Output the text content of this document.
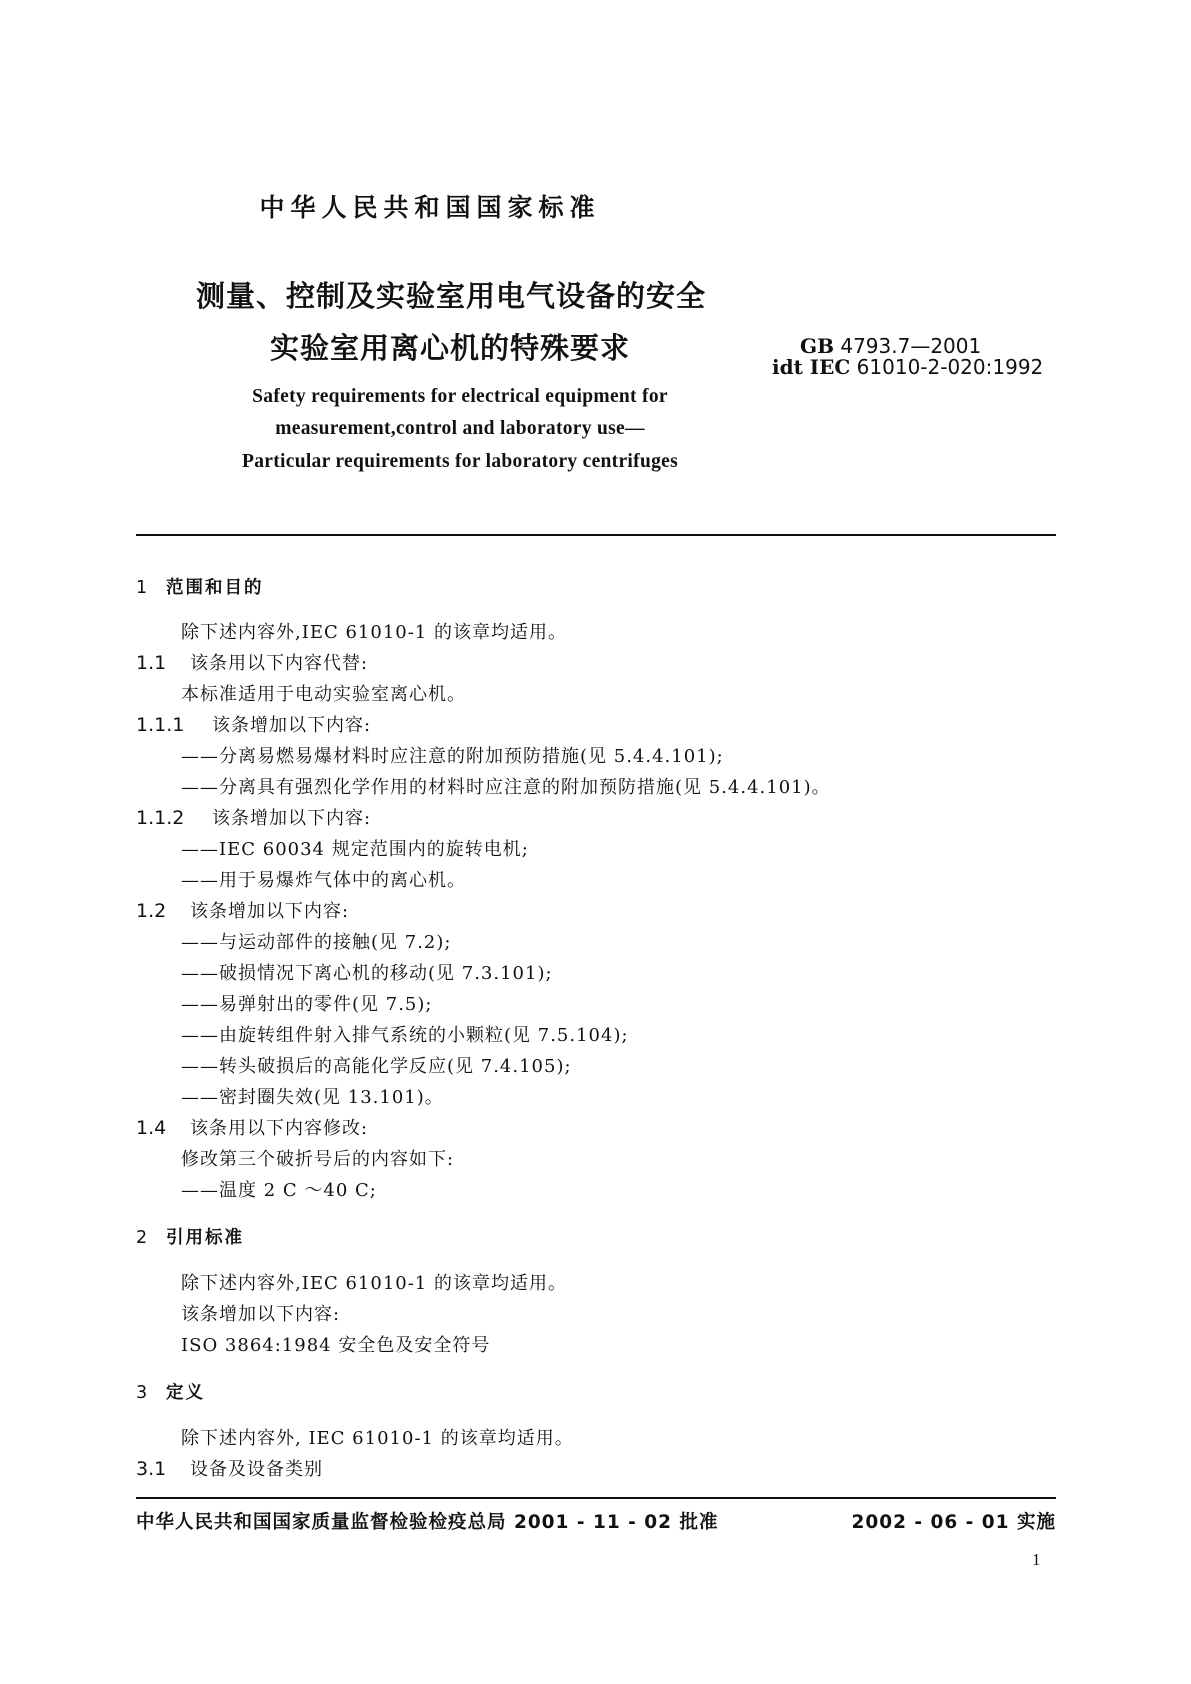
中华人民共和国国家标准
测量、控制及实验室用电气设备的安全
实验室用离心机的特殊要求	GB 4793.7—2001
idt IEC 61010-2-020:1992
Safety requirements for electrical equipment for
measurement,control and laboratory use—
Particular requirements for laboratory centrifuges
1 范围和目的
除下述内容外,IEC 61010-1 的该章均适用。
1.1 该条用以下内容代替:
本标准适用于电动实验室离心机。
1.1.1 该条增加以下内容:
——分离易燃易爆材料时应注意的附加预防措施(见 5.4.4.101);
——分离具有强烈化学作用的材料时应注意的附加预防措施(见 5.4.4.101)。
1.1.2 该条增加以下内容:
——IEC 60034 规定范围内的旋转电机;
——用于易爆炸气体中的离心机。
1.2 该条增加以下内容:
——与运动部件的接触(见 7.2);
——破损情况下离心机的移动(见 7.3.101);
——易弹射出的零件(见 7.5);
——由旋转组件射入排气系统的小颗粒(见 7.5.104);
——转头破损后的高能化学反应(见 7.4.105);
——密封圈失效(见 13.101)。
1.4 该条用以下内容修改:
修改第三个破折号后的内容如下:
——温度 2 C ～40 C;
2 引用标准
除下述内容外,IEC 61010-1 的该章均适用。
该条增加以下内容:
ISO 3864:1984 安全色及安全符号
3 定义
除下述内容外, IEC 61010-1 的该章均适用。
3.1 设备及设备类别
中华人民共和国国家质量监督检验检疫总局 2001 - 11 - 02 批准	2002 - 06 - 01 实施
1
